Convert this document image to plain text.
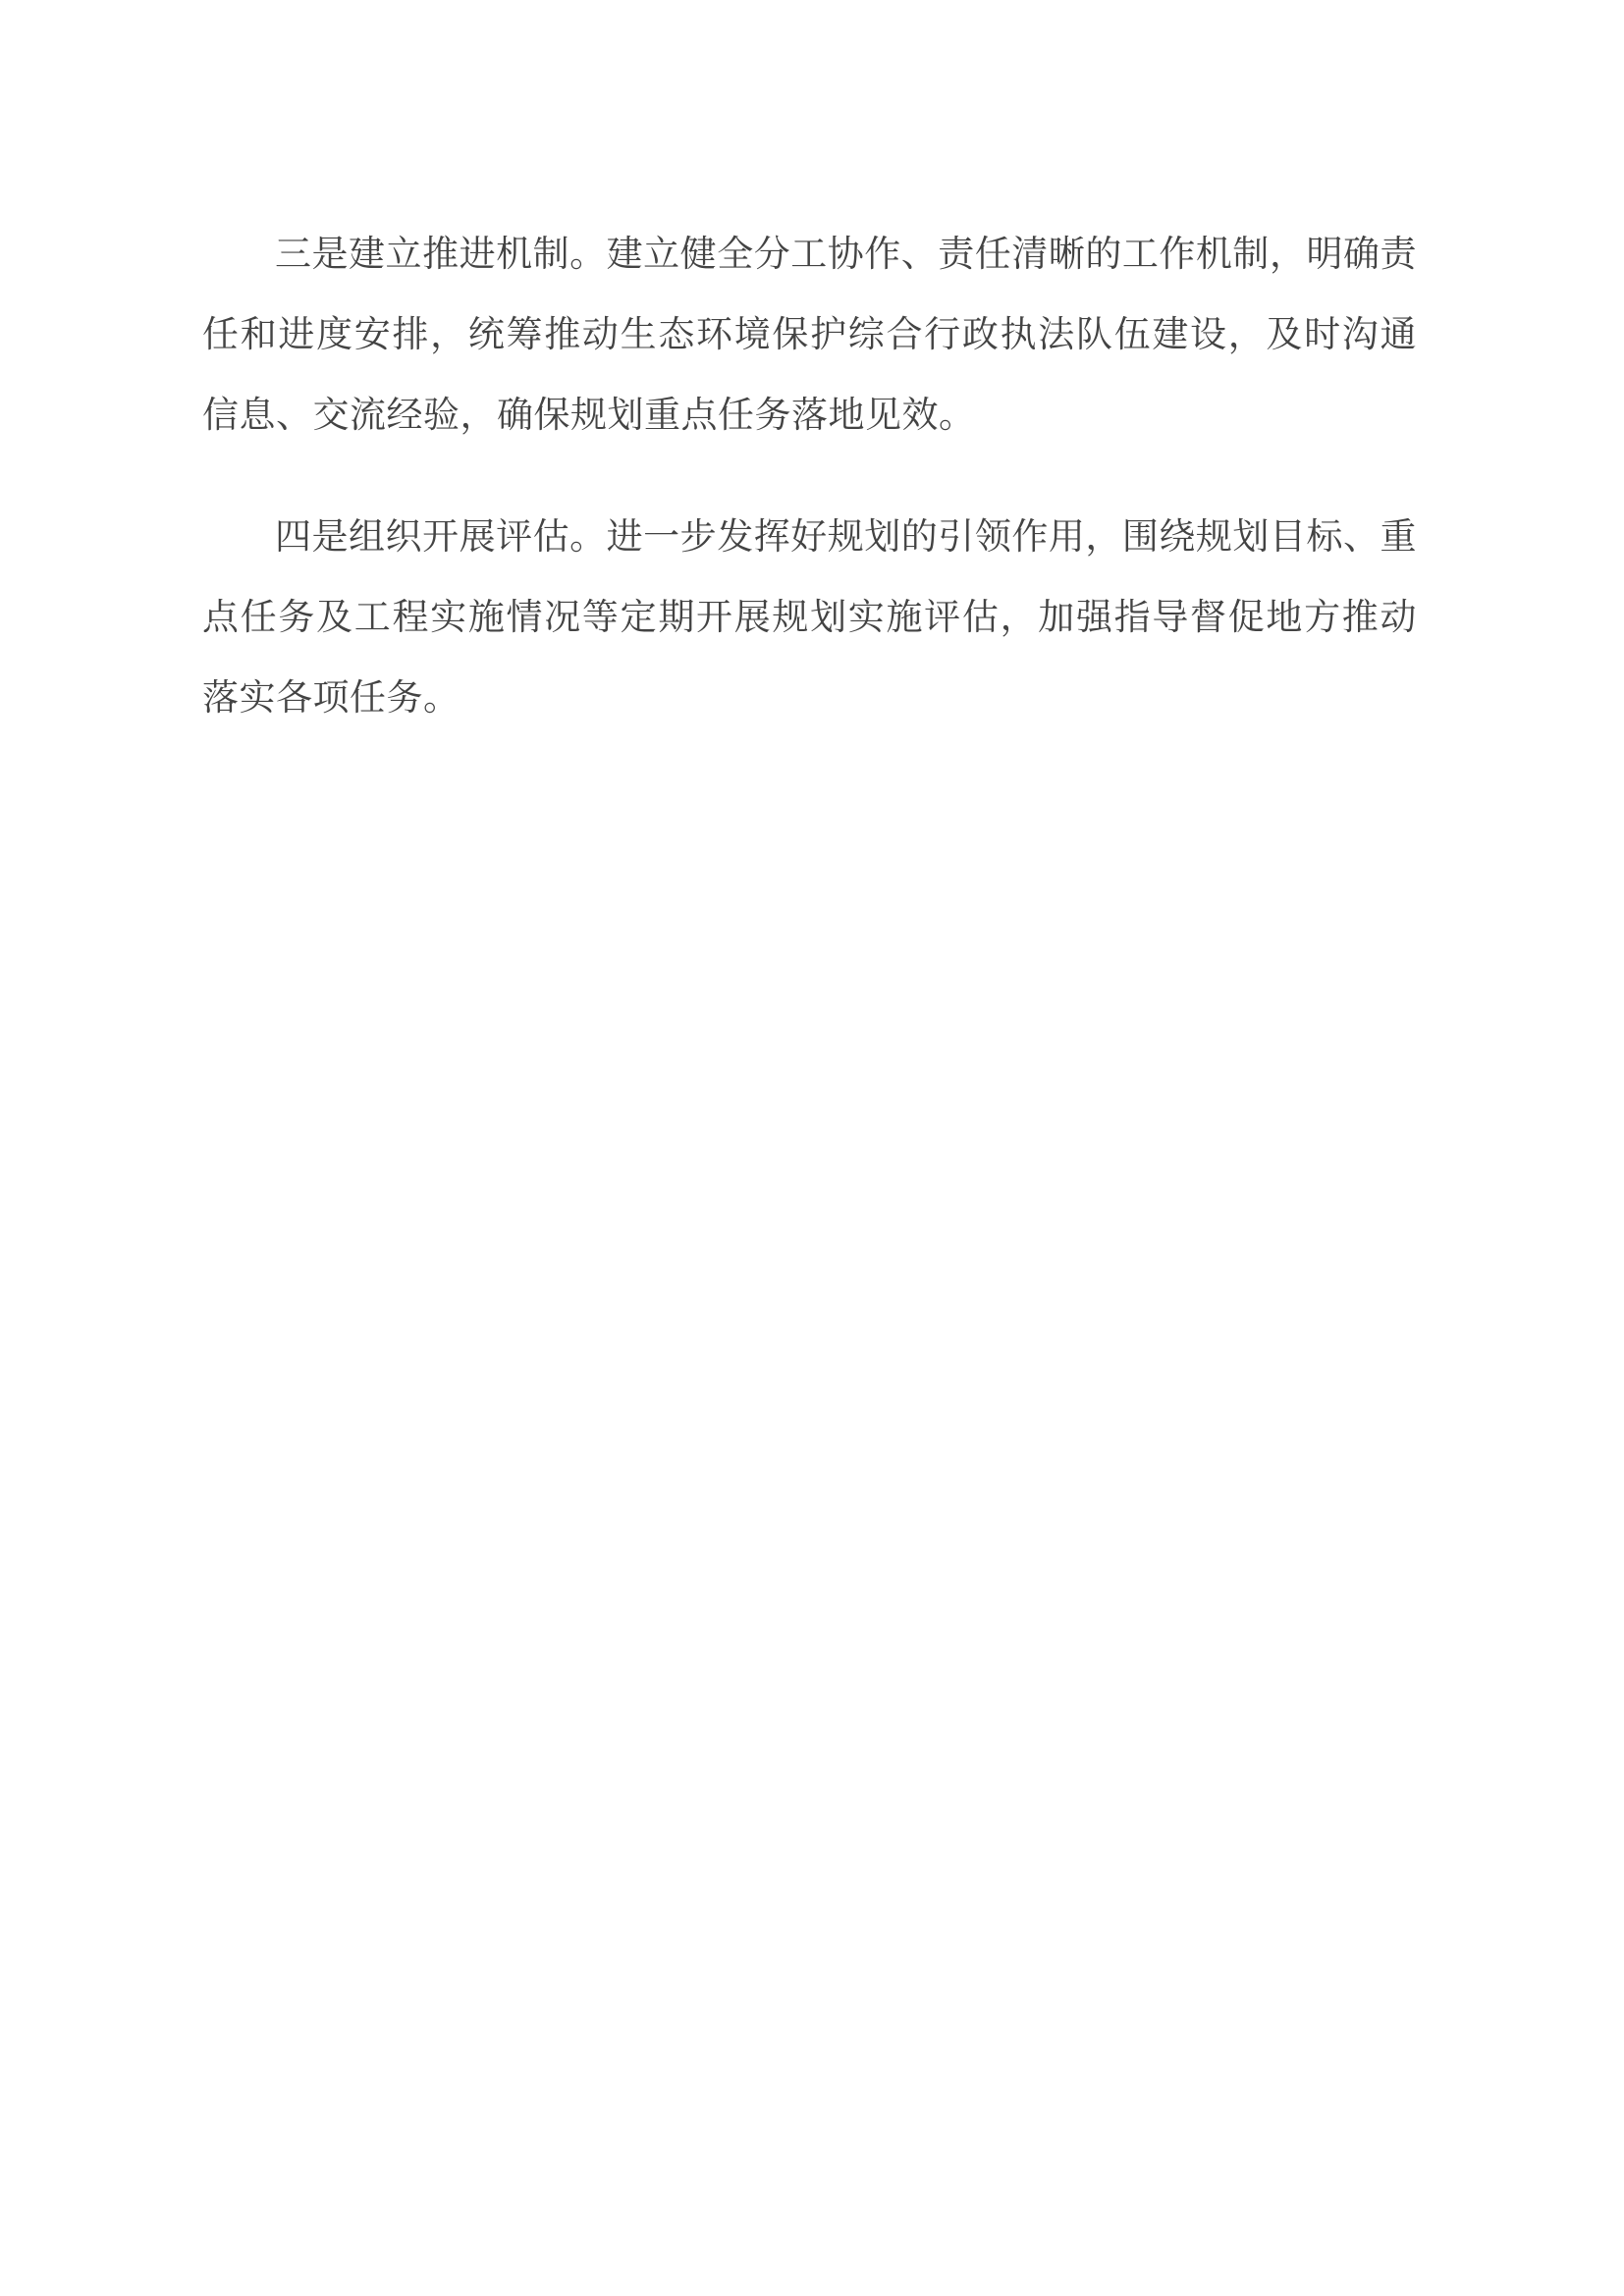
三是建立推进机制。建立健全分工协作、责任清晰的工作机制，明确责任和进度安排，统筹推动生态环境保护综合行政执法队伍建设，及时沟通信息、交流经验，确保规划重点任务落地见效。

四是组织开展评估。进一步发挥好规划的引领作用，围绕规划目标、重点任务及工程实施情况等定期开展规划实施评估，加强指导督促地方推动落实各项任务。
